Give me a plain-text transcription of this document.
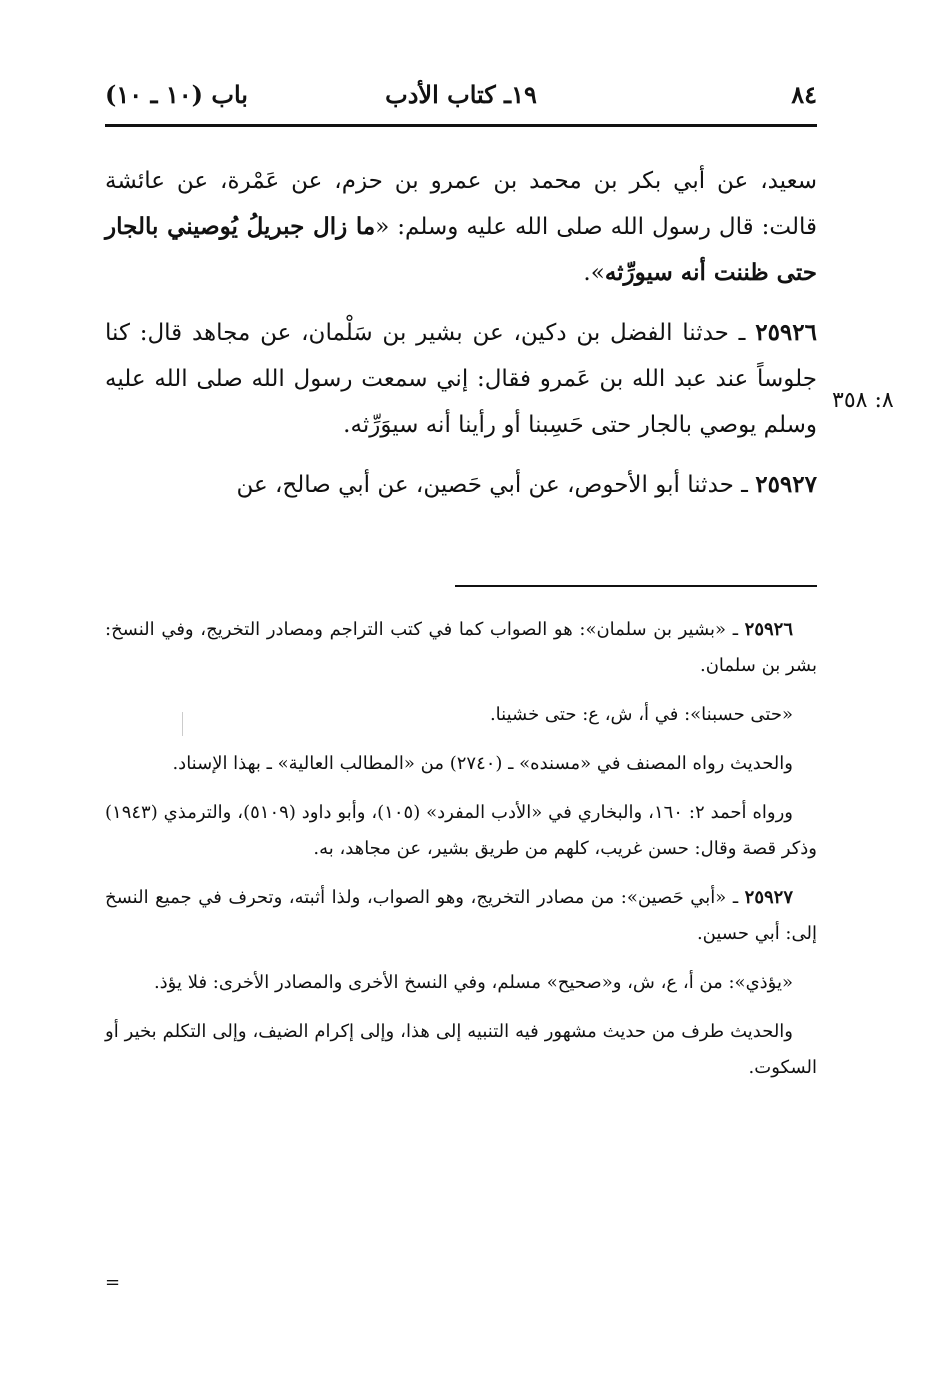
٨٤
١٩ـ كتاب الأدب
باب (١٠ ـ ١٠)

سعيد، عن أبي بكر بن محمد بن عمرو بن حزم، عن عَمْرة، عن عائشة قالت: قال رسول الله صلى الله عليه وسلم: «ما زال جبريلُ يُوصيني بالجار حتى ظننت أنه سيورِّثه».

٢٥٩٢٦ ـ حدثنا الفضل بن دكين، عن بشير بن سَلْمان، عن مجاهد قال: كنا جلوساً عند عبد الله بن عَمرو فقال: إني سمعت رسول الله صلى الله عليه وسلم يوصي بالجار حتى حَسِبنا أو رأينا أنه سيوَرِّثه.

٢٥٩٢٧ ـ حدثنا أبو الأحوص، عن أبي حَصين، عن أبي صالح، عن

٨: ٣٥٨

٢٥٩٢٦ ـ «بشير بن سلمان»: هو الصواب كما في كتب التراجم ومصادر التخريج، وفي النسخ: بشر بن سلمان.

«حتى حسبنا»: في أ، ش، ع: حتى خشينا.

والحديث رواه المصنف في «مسنده» ـ (٢٧٤٠) من «المطالب العالية» ـ بهذا الإسناد.

ورواه أحمد ٢: ١٦٠، والبخاري في «الأدب المفرد» (١٠٥)، وأبو داود (٥١٠٩)، والترمذي (١٩٤٣) وذكر قصة وقال: حسن غريب، كلهم من طريق بشير، عن مجاهد، به.

٢٥٩٢٧ ـ «أبي حَصين»: من مصادر التخريج، وهو الصواب، ولذا أثبته، وتحرف في جميع النسخ إلى: أبي حسين.

«يؤذي»: من أ، ع، ش، و«صحيح» مسلم، وفي النسخ الأخرى والمصادر الأخرى: فلا يؤذ.

والحديث طرف من حديث مشهور فيه التنبيه إلى هذا، وإلى إكرام الضيف، وإلى التكلم بخير أو السكوت.

=
